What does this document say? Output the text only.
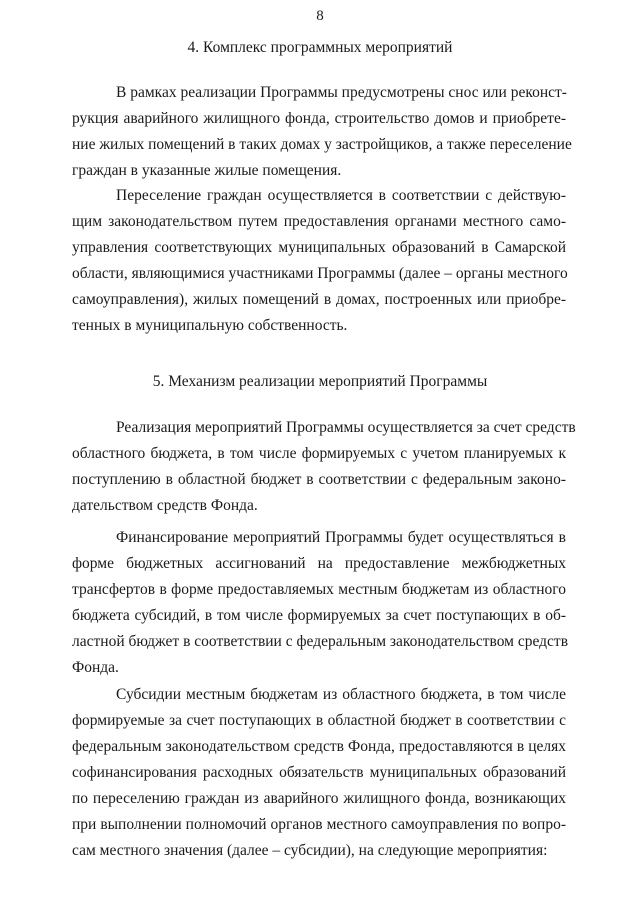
8
4. Комплекс программных мероприятий
В рамках реализации Программы предусмотрены снос или реконст-
рукция аварийного жилищного фонда, строительство домов и приобрете-
ние жилых помещений в таких домах у застройщиков, а также переселение
граждан в указанные жилые помещения.
Переселение граждан осуществляется в соответствии с действую-
щим законодательством путем предоставления органами местного само-
управления соответствующих муниципальных образований в Самарской
области, являющимися участниками Программы (далее – органы местного
самоуправления), жилых помещений в домах, построенных или приобре-
тенных в муниципальную собственность.
5. Механизм реализации мероприятий Программы
Реализация мероприятий Программы осуществляется за счет средств
областного бюджета, в том числе формируемых с учетом планируемых к
поступлению в областной бюджет в соответствии с федеральным законо-
дательством средств Фонда.
Финансирование мероприятий Программы будет осуществляться в
форме бюджетных ассигнований на предоставление межбюджетных
трансфертов в форме предоставляемых местным бюджетам из областного
бюджета субсидий, в том числе формируемых за счет поступающих в об-
ластной бюджет в соответствии с федеральным законодательством средств
Фонда.
Субсидии местным бюджетам из областного бюджета, в том числе
формируемые за счет поступающих в областной бюджет в соответствии с
федеральным законодательством средств Фонда, предоставляются в целях
софинансирования расходных обязательств муниципальных образований
по переселению граждан из аварийного жилищного фонда, возникающих
при выполнении полномочий органов местного самоуправления по вопро-
сам местного значения (далее – субсидии), на следующие мероприятия:
